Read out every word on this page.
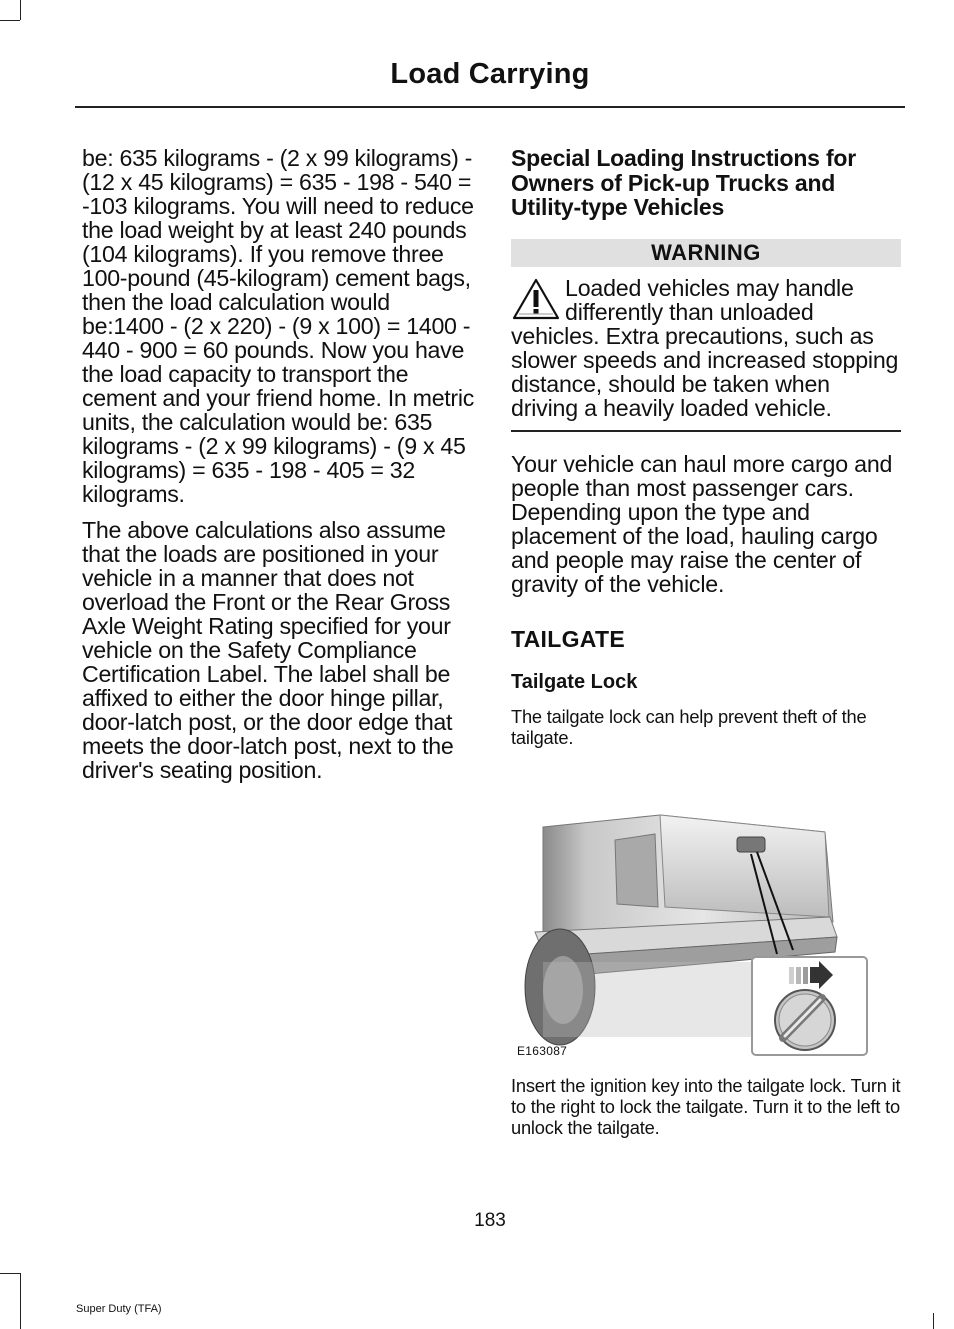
Load Carrying

be: 635 kilograms - (2 x 99 kilograms) - (12 x 45 kilograms) = 635 - 198 - 540 = -103 kilograms. You will need to reduce the load weight by at least 240 pounds (104 kilograms). If you remove three 100-pound (45-kilogram) cement bags, then the load calculation would be:1400 - (2 x 220) - (9 x 100) = 1400 - 440 - 900 = 60 pounds. Now you have the load capacity to transport the cement and your friend home. In metric units, the calculation would be: 635 kilograms - (2 x 99 kilograms) - (9 x 45 kilograms) = 635 - 198 - 405 = 32 kilograms.

The above calculations also assume that the loads are positioned in your vehicle in a manner that does not overload the Front or the Rear Gross Axle Weight Rating specified for your vehicle on the Safety Compliance Certification Label. The label shall be affixed to either the door hinge pillar, door-latch post, or the door edge that meets the door-latch post, next to the driver's seating position.

Special Loading Instructions for Owners of Pick-up Trucks and Utility-type Vehicles
WARNING
Loaded vehicles may handle differently than unloaded vehicles. Extra precautions, such as slower speeds and increased stopping distance, should be taken when driving a heavily loaded vehicle.

Your vehicle can haul more cargo and people than most passenger cars. Depending upon the type and placement of the load, hauling cargo and people may raise the center of gravity of the vehicle.

TAILGATE
Tailgate Lock

The tailgate lock can help prevent theft of the tailgate.

E163087

Insert the ignition key into the tailgate lock. Turn it to the right to lock the tailgate. Turn it to the left to unlock the tailgate.

183
Super Duty (TFA)
